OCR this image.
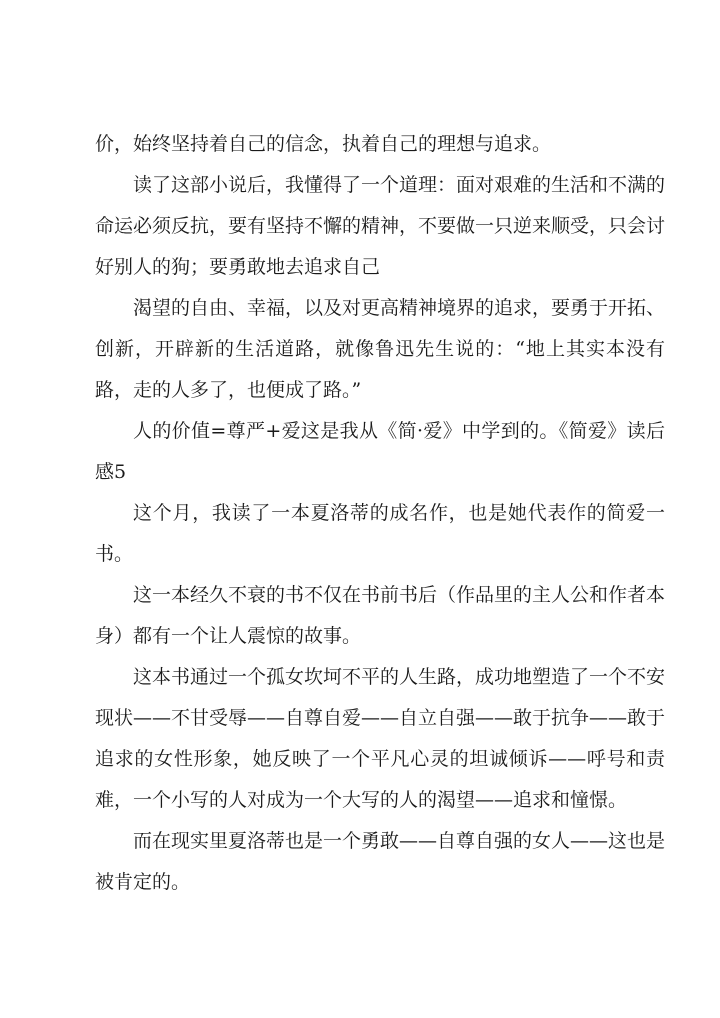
价，始终坚持着自己的信念，执着自己的理想与追求。

读了这部小说后，我懂得了一个道理：面对艰难的生活和不满的命运必须反抗，要有坚持不懈的精神，不要做一只逆来顺受，只会讨好别人的狗；要勇敢地去追求自己

渴望的自由、幸福，以及对更高精神境界的追求，要勇于开拓、创新，开辟新的生活道路，就像鲁迅先生说的：“地上其实本没有路，走的人多了，也便成了路。”

人的价值=尊严+爱这是我从《简·爱》中学到的。《简爱》读后感5

这个月，我读了一本夏洛蒂的成名作，也是她代表作的简爱一书。

这一本经久不衰的书不仅在书前书后（作品里的主人公和作者本身）都有一个让人震惊的故事。

这本书通过一个孤女坎坷不平的人生路，成功地塑造了一个不安现状——不甘受辱——自尊自爱——自立自强——敢于抗争——敢于追求的女性形象，她反映了一个平凡心灵的坦诚倾诉——呼号和责难，一个小写的人对成为一个大写的人的渴望——追求和憧憬。

而在现实里夏洛蒂也是一个勇敢——自尊自强的女人——这也是被肯定的。
